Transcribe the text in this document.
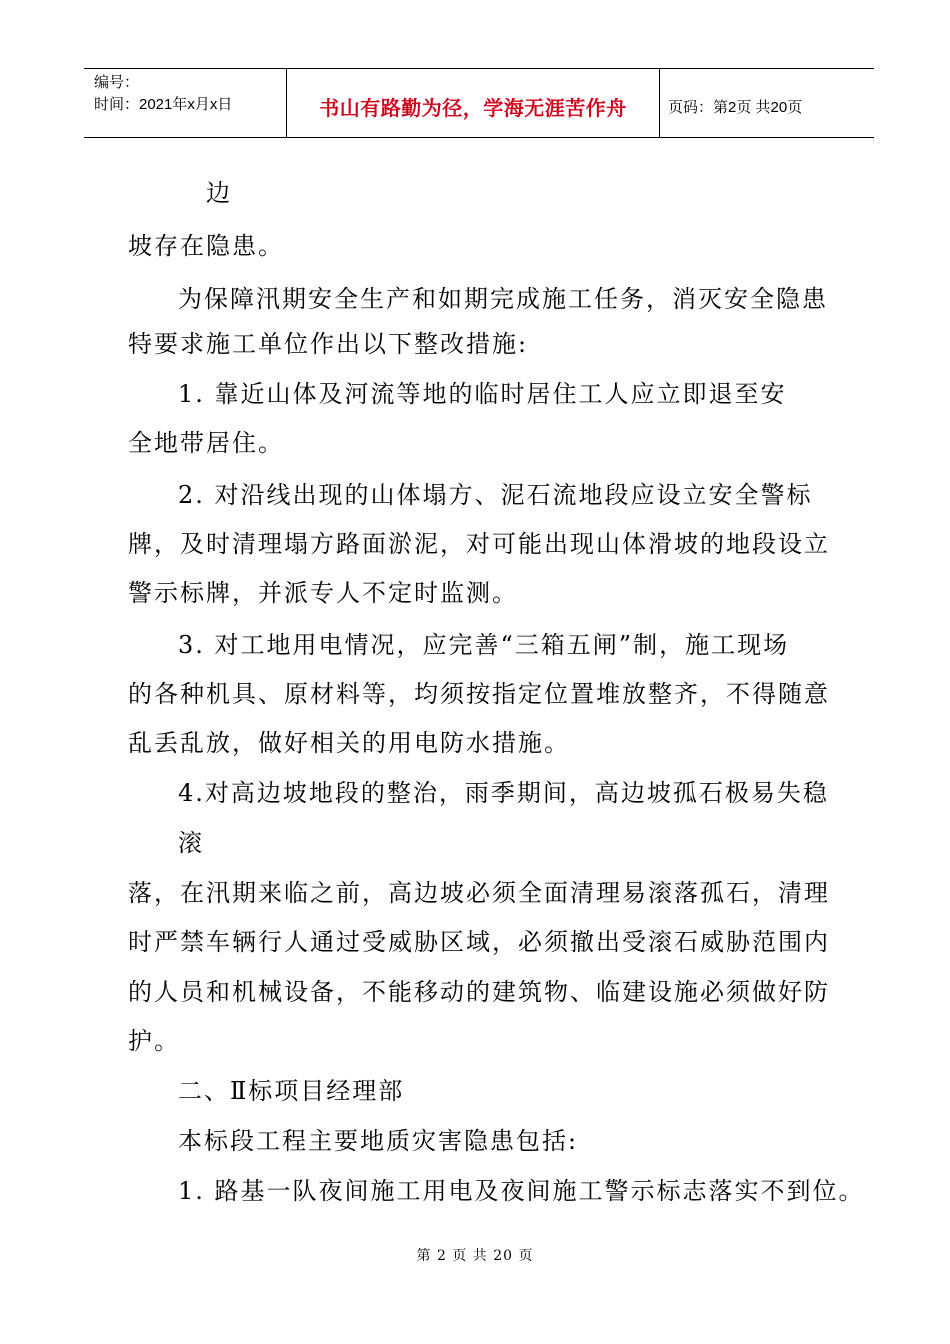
编号：
时间：2021年x月x日	书山有路勤为径，学海无涯苦作舟	页码：第2页 共20页
边
坡存在隐患。
为保障汛期安全生产和如期完成施工任务，消灭安全隐患
特要求施工单位作出以下整改措施:
1. 靠近山体及河流等地的临时居住工人应立即退至安
全地带居住。
2. 对沿线出现的山体塌方、泥石流地段应设立安全警标
牌，及时清理塌方路面淤泥，对可能出现山体滑坡的地段设立
警示标牌，并派专人不定时监测。
3. 对工地用电情况，应完善“三箱五闸”制，施工现场
的各种机具、原材料等，均须按指定位置堆放整齐，不得随意
乱丢乱放，做好相关的用电防水措施。
4.对高边坡地段的整治，雨季期间，高边坡孤石极易失稳
滚
落，在汛期来临之前，高边坡必须全面清理易滚落孤石，清理
时严禁车辆行人通过受威胁区域，必须撤出受滚石威胁范围内
的人员和机械设备，不能移动的建筑物、临建设施必须做好防
护。
二、Ⅱ标项目经理部
本标段工程主要地质灾害隐患包括:
1. 路基一队夜间施工用电及夜间施工警示标志落实不到位。
第 2 页 共 20 页
